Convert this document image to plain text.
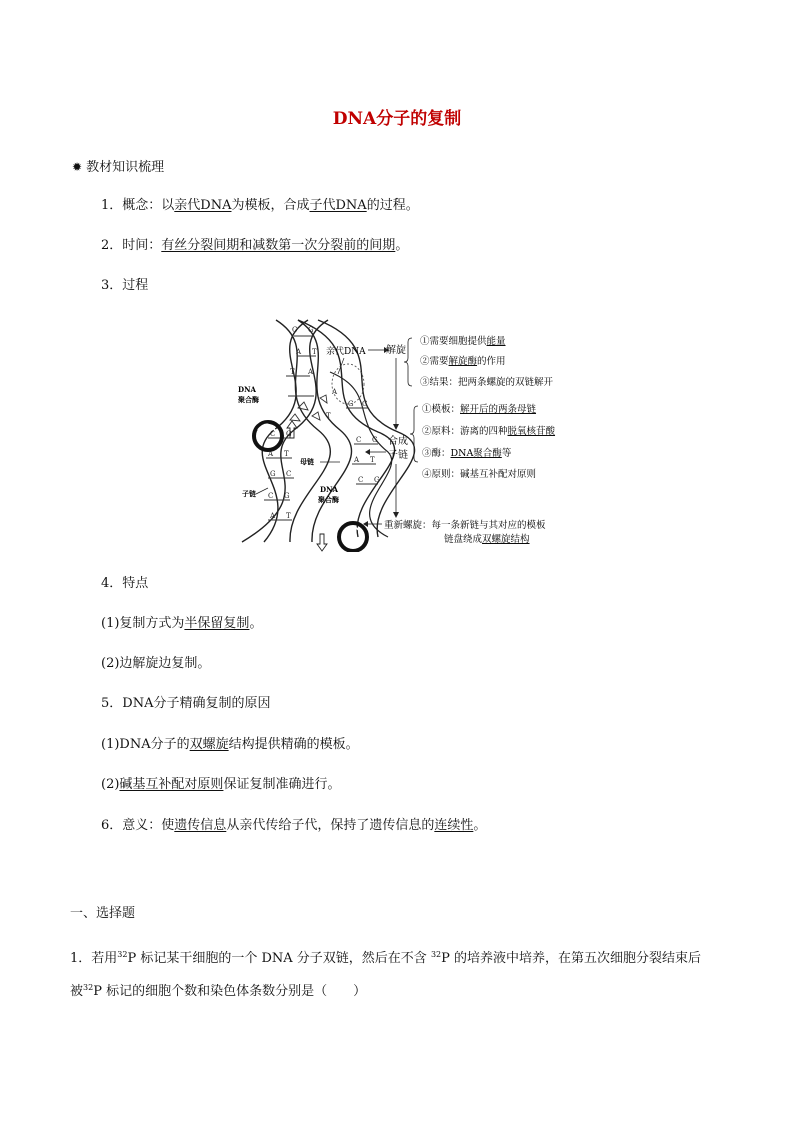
DNA分子的复制
✹ 教材知识梳理
1．概念：以亲代DNA为模板，合成子代DNA的过程。
2．时间：有丝分裂间期和减数第一次分裂前的间期。
3．过程
C G
A T
T A
C G
A T
G C
C G
A T
G C
C G
A T
C G
T
A
DNA
聚合酶
子链
母链
DNA
聚合酶
亲代DNA 解旋
①需要细胞提供能量
②需要解旋酶的作用
③结果：把两条螺旋的双链解开
合成
子链
①模板：解开后的两条母链
②原料：游离的四种脱氧核苷酸
③酶：DNA聚合酶等
④原则：碱基互补配对原则
重新螺旋：每一条新链与其对应的模板
链盘绕成双螺旋结构
4．特点
(1)复制方式为半保留复制。
(2)边解旋边复制。
5．DNA分子精确复制的原因
(1)DNA分子的双螺旋结构提供精确的模板。
(2)碱基互补配对原则保证复制准确进行。
6．意义：使遗传信息从亲代传给子代，保持了遗传信息的连续性。
一、选择题
1．若用$^{32}$P 标记某干细胞的一个 DNA 分子双链，然后在不含 $^{32}$P 的培养液中培养，在第五次细胞分裂结束后
被$^{32}$P 标记的细胞个数和染色体条数分别是（　　）
